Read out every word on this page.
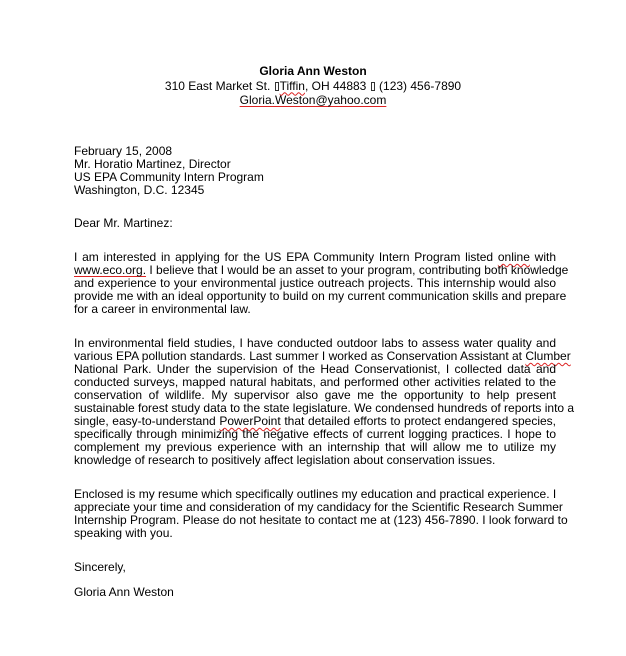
Gloria Ann Weston
310 East Market St. Tiffin, OH 44883 (123) 456-7890
Gloria.Weston@yahoo.com
February 15, 2008
Mr. Horatio Martinez, Director
US EPA Community Intern Program
Washington, D.C. 12345
Dear Mr. Martinez:
I am interested in applying for the US EPA Community Intern Program listed online with
www.eco.org. I believe that I would be an asset to your program, contributing both knowledge
and experience to your environmental justice outreach projects. This internship would also
provide me with an ideal opportunity to build on my current communication skills and prepare
for a career in environmental law.
In environmental field studies, I have conducted outdoor labs to assess water quality and
various EPA pollution standards. Last summer I worked as Conservation Assistant at Clumber
National Park. Under the supervision of the Head Conservationist, I collected data and
conducted surveys, mapped natural habitats, and performed other activities related to the
conservation of wildlife. My supervisor also gave me the opportunity to help present
sustainable forest study data to the state legislature. We condensed hundreds of reports into a
single, easy-to-understand PowerPoint that detailed efforts to protect endangered species,
specifically through minimizing the negative effects of current logging practices. I hope to
complement my previous experience with an internship that will allow me to utilize my
knowledge of research to positively affect legislation about conservation issues.
Enclosed is my resume which specifically outlines my education and practical experience. I
appreciate your time and consideration of my candidacy for the Scientific Research Summer
Internship Program. Please do not hesitate to contact me at (123) 456-7890. I look forward to
speaking with you.
Sincerely,
Gloria Ann Weston
